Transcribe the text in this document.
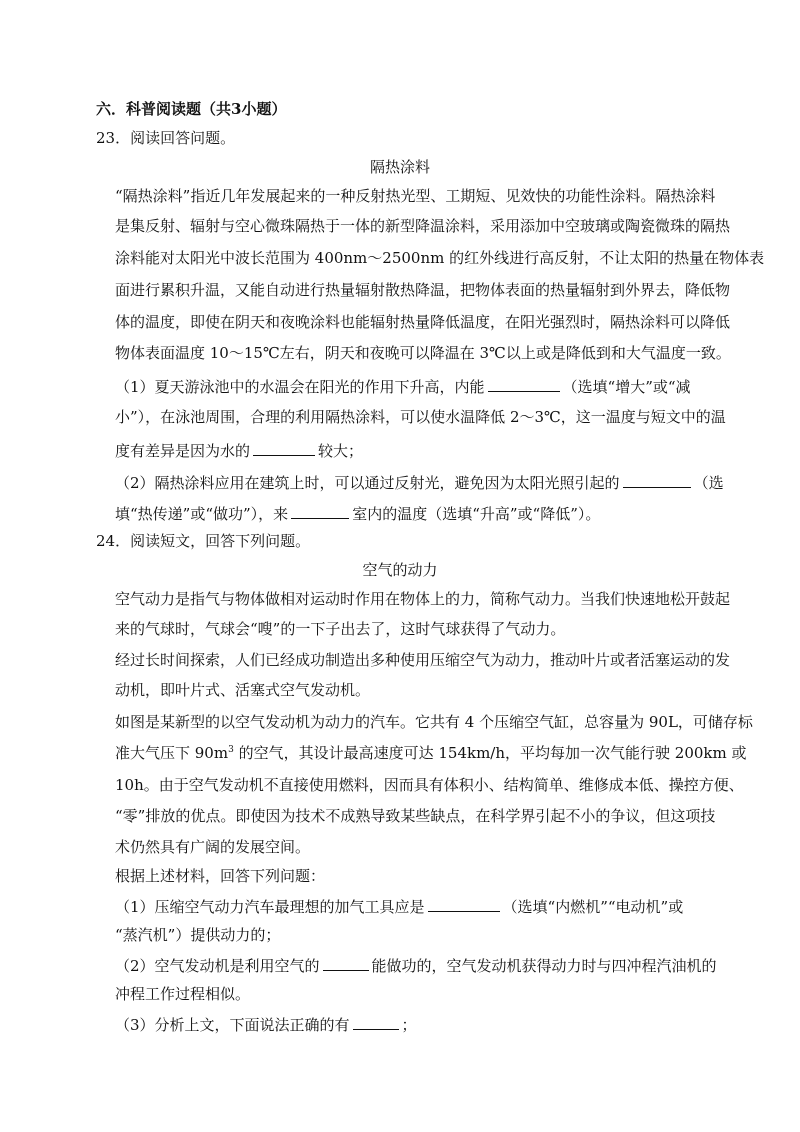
六．科普阅读题（共3小题）
23．阅读回答问题。
隔热涂料
“隔热涂料”指近几年发展起来的一种反射热光型、工期短、见效快的功能性涂料。隔热涂料
是集反射、辐射与空心微珠隔热于一体的新型降温涂料，采用添加中空玻璃或陶瓷微珠的隔热
涂料能对太阳光中波长范围为 400nm～2500nm 的红外线进行高反射，不让太阳的热量在物体表
面进行累积升温，又能自动进行热量辐射散热降温，把物体表面的热量辐射到外界去，降低物
体的温度，即使在阴天和夜晚涂料也能辐射热量降低温度，在阳光强烈时，隔热涂料可以降低
物体表面温度 10～15℃左右，阴天和夜晚可以降温在 3℃以上或是降低到和大气温度一致。
（1）夏天游泳池中的水温会在阳光的作用下升高，内能	（选填“增大”或“减
小”），在泳池周围，合理的利用隔热涂料，可以使水温降低 2～3℃，这一温度与短文中的温
度有差异是因为水的	较大；
（2）隔热涂料应用在建筑上时，可以通过反射光，避免因为太阳光照引起的	（选
填“热传递”或“做功”），来	室内的温度（选填“升高”或“降低”）。
24．阅读短文，回答下列问题。
空气的动力
空气动力是指气与物体做相对运动时作用在物体上的力，简称气动力。当我们快速地松开鼓起
来的气球时，气球会“嗖”的一下子出去了，这时气球获得了气动力。
经过长时间探索，人们已经成功制造出多种使用压缩空气为动力，推动叶片或者活塞运动的发
动机，即叶片式、活塞式空气发动机。
如图是某新型的以空气发动机为动力的汽车。它共有 4 个压缩空气缸，总容量为 90L，可储存标
准大气压下 $90m^3$ 的空气，其设计最高速度可达 154km/h，平均每加一次气能行驶 200km 或
10h。由于空气发动机不直接使用燃料，因而具有体积小、结构简单、维修成本低、操控方便、
“零”排放的优点。即使因为技术不成熟导致某些缺点，在科学界引起不小的争议，但这项技
术仍然具有广阔的发展空间。
根据上述材料，回答下列问题：
（1）压缩空气动力汽车最理想的加气工具应是	（选填“内燃机”“电动机”或
“蒸汽机”）提供动力的；
（2）空气发动机是利用空气的	能做功的，空气发动机获得动力时与四冲程汽油机的
冲程工作过程相似。
（3）分析上文，下面说法正确的有	；
